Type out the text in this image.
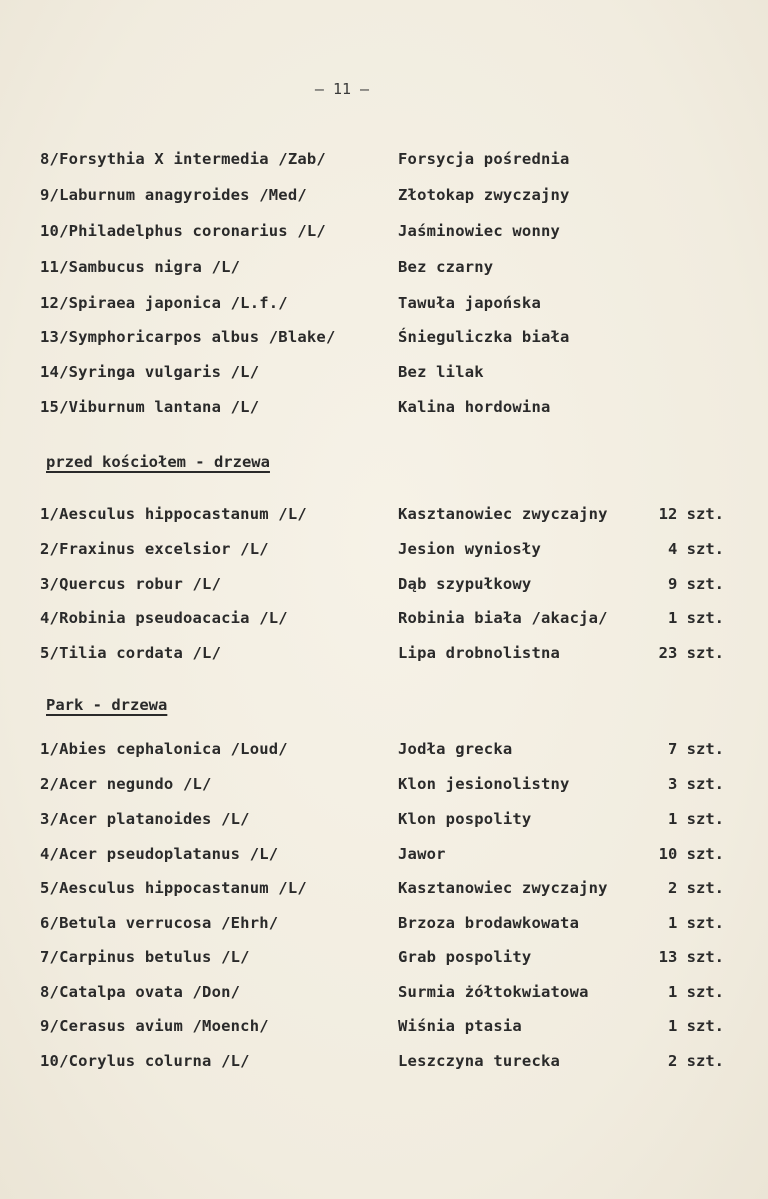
– 11 –
8/Forsythia X intermedia /Zab/	Forsycja pośrednia
9/Laburnum anagyroides /Med/	Złotokap zwyczajny
10/Philadelphus coronarius /L/	Jaśminowiec wonny
11/Sambucus nigra /L/	Bez czarny
12/Spiraea japonica /L.f./	Tawuła japońska
13/Symphoricarpos albus /Blake/	Śnieguliczka biała
14/Syringa vulgaris /L/	Bez lilak
15/Viburnum lantana /L/	Kalina hordowina
przed kościołem - drzewa
1/Aesculus hippocastanum /L/	Kasztanowiec zwyczajny	12 szt.
2/Fraxinus excelsior /L/	Jesion wyniosły	4 szt.
3/Quercus robur /L/	Dąb szypułkowy	9 szt.
4/Robinia pseudoacacia /L/	Robinia biała /akacja/	1 szt.
5/Tilia cordata /L/	Lipa drobnolistna	23 szt.
Park - drzewa
1/Abies cephalonica /Loud/	Jodła grecka	7 szt.
2/Acer negundo /L/	Klon jesionolistny	3 szt.
3/Acer platanoides /L/	Klon pospolity	1 szt.
4/Acer pseudoplatanus /L/	Jawor	10 szt.
5/Aesculus hippocastanum /L/	Kasztanowiec zwyczajny	2 szt.
6/Betula verrucosa /Ehrh/	Brzoza brodawkowata	1 szt.
7/Carpinus betulus /L/	Grab pospolity	13 szt.
8/Catalpa ovata /Don/	Surmia żółtokwiatowa	1 szt.
9/Cerasus avium /Moench/	Wiśnia ptasia	1 szt.
10/Corylus colurna /L/	Leszczyna turecka	2 szt.
